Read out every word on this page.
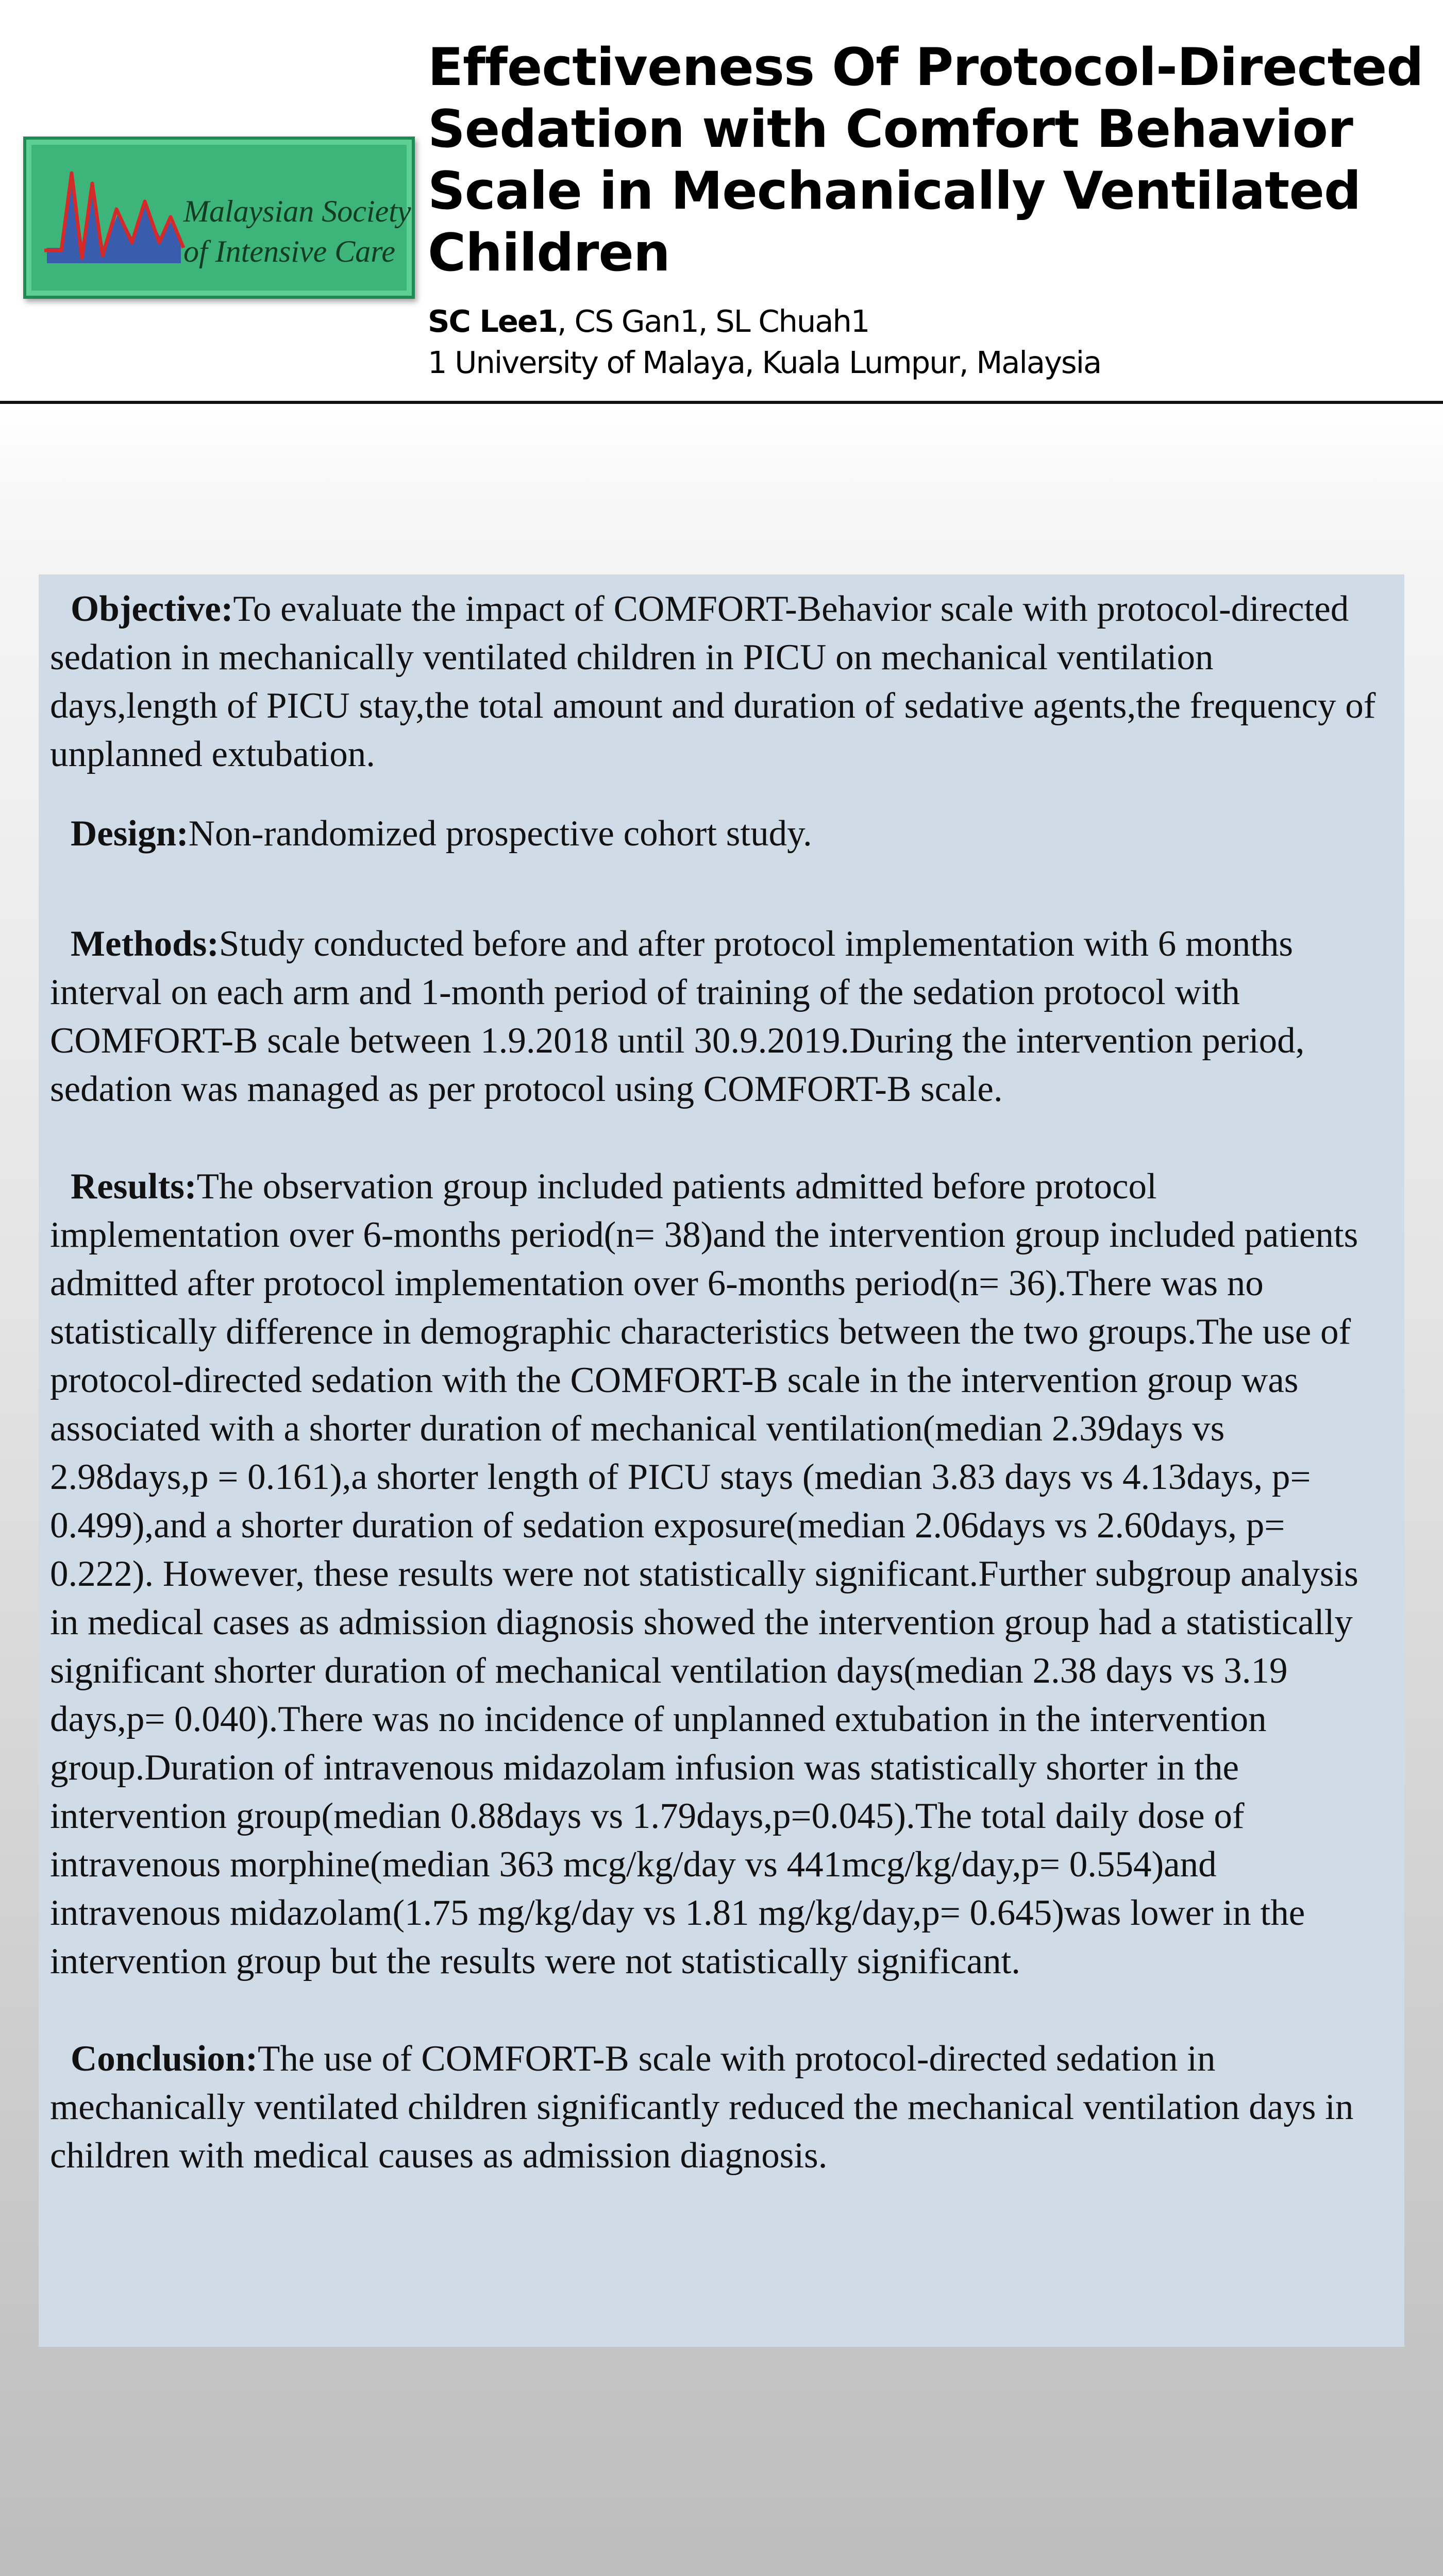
Malaysian Society
of Intensive Care
Effectiveness Of Protocol-Directed Sedation with Comfort Behavior Scale in Mechanically Ventilated Children
SC Lee1, CS Gan1, SL Chuah1
1 University of Malaya, Kuala Lumpur, Malaysia

Objective:To evaluate the impact of COMFORT-Behavior scale with protocol-directed sedation in mechanically ventilated children in PICU on mechanical ventilation days,length of PICU stay,the total amount and duration of sedative agents,the frequency of unplanned extubation.

Design:Non-randomized prospective cohort study.

Methods:Study conducted before and after protocol implementation with 6 months interval on each arm and 1-month period of training of the sedation protocol with COMFORT-B scale between 1.9.2018 until 30.9.2019.During the intervention period, sedation was managed as per protocol using COMFORT-B scale.

Results:The observation group included patients admitted before protocol implementation over 6-months period(n= 38)and the intervention group included patients admitted after protocol implementation over 6-months period(n= 36).There was no statistically difference in demographic characteristics between the two groups.The use of protocol-directed sedation with the COMFORT-B scale in the intervention group was associated with a shorter duration of mechanical ventilation(median 2.39days vs 2.98days,p = 0.161),a shorter length of PICU stays (median 3.83 days vs 4.13days, p= 0.499),and a shorter duration of sedation exposure(median 2.06days vs 2.60days, p= 0.222). However, these results were not statistically significant.Further subgroup analysis in medical cases as admission diagnosis showed the intervention group had a statistically significant shorter duration of mechanical ventilation days(median 2.38 days vs 3.19 days,p= 0.040).There was no incidence of unplanned extubation in the intervention group.Duration of intravenous midazolam infusion was statistically shorter in the intervention group(median 0.88days vs 1.79days,p=0.045).The total daily dose of intravenous morphine(median 363 mcg/kg/day vs 441mcg/kg/day,p= 0.554)and intravenous midazolam(1.75 mg/kg/day vs 1.81 mg/kg/day,p= 0.645)was lower in the intervention group but the results were not statistically significant.

Conclusion:The use of COMFORT-B scale with protocol-directed sedation in mechanically ventilated children significantly reduced the mechanical ventilation days in children with medical causes as admission diagnosis.
